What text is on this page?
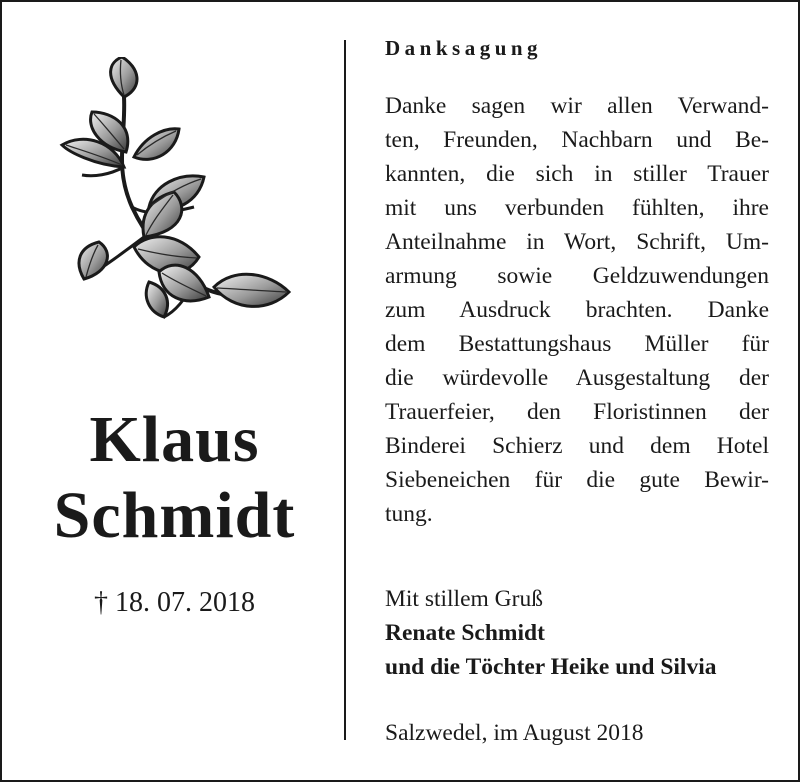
Klaus
Schmidt
† 18. 07. 2018
Danksagung
Danke sagen wir allen Verwand-
ten, Freunden, Nachbarn und Be-
kannten, die sich in stiller Trauer
mit uns verbunden fühlten, ihre
Anteilnahme in Wort, Schrift, Um-
armung sowie Geldzuwendungen
zum Ausdruck brachten. Danke
dem Bestattungshaus Müller für
die würdevolle Ausgestaltung der
Trauerfeier, den Floristinnen der
Binderei Schierz und dem Hotel
Siebeneichen für die gute Bewir-
tung.
Mit stillem Gruß
Renate Schmidt
und die Töchter Heike und Silvia
Salzwedel, im August 2018
